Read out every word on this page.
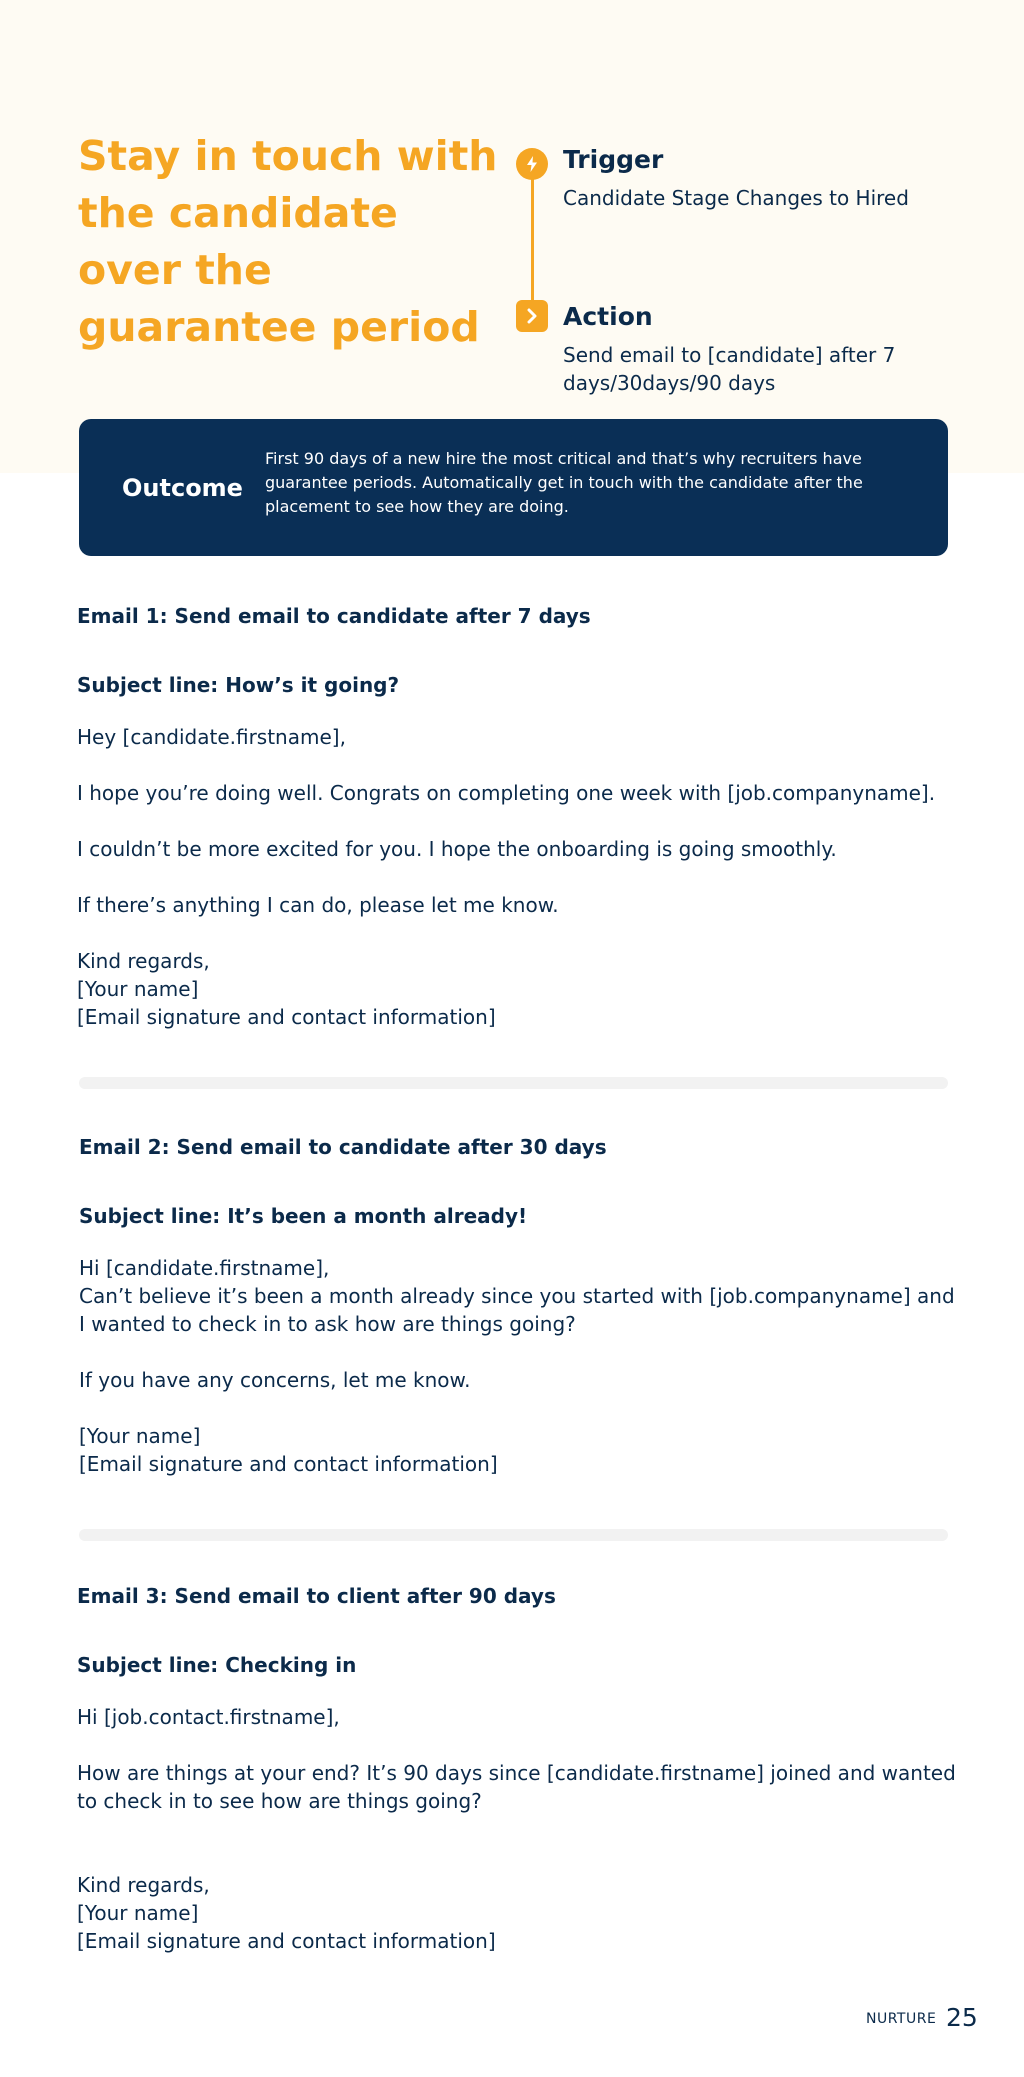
Stay in touch with the candidate over the guarantee period
Trigger

Candidate Stage Changes to Hired

Action

Send email to [candidate] after 7 days/30days/90 days

Outcome

First 90 days of a new hire the most critical and that’s why recruiters have guarantee periods. Automatically get in touch with the candidate after the placement to see how they are doing.

Email 1: Send email to candidate after 7 days
Subject line: How’s it going?

Hey [candidate.firstname],

I hope you’re doing well. Congrats on completing one week with [job.companyname].

I couldn’t be more excited for you. I hope the onboarding is going smoothly.

If there’s anything I can do, please let me know.

Kind regards,

[Your name]

[Email signature and contact information]

Email 2: Send email to candidate after 30 days
Subject line: It’s been a month already!

Hi [candidate.firstname],

Can’t believe it’s been a month already since you started with [job.companyname] and I wanted to check in to ask how are things going?

If you have any concerns, let me know.

[Your name]

[Email signature and contact information]

Email 3: Send email to client after 90 days
Subject line: Checking in

Hi [job.contact.firstname],

How are things at your end? It’s 90 days since [candidate.firstname] joined and wanted to check in to see how are things going?

Kind regards,

[Your name]

[Email signature and contact information]

NURTURE 25
